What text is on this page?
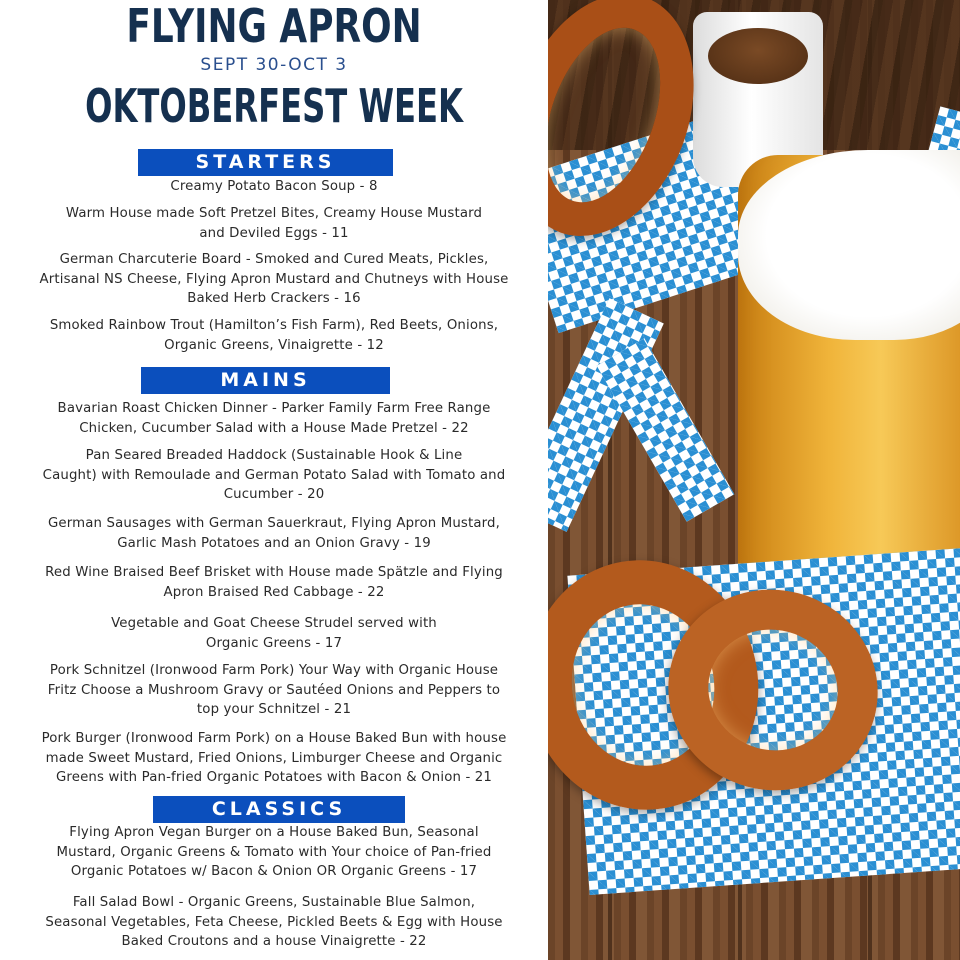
FLYING APRON
SEPT 30-OCT 3
OKTOBERFEST WEEK
STARTERS
Creamy Potato Bacon Soup - 8
Warm House made Soft Pretzel Bites, Creamy House Mustard
and Deviled Eggs - 11
German Charcuterie Board - Smoked and Cured Meats, Pickles,
Artisanal NS Cheese, Flying Apron Mustard and Chutneys with House
Baked Herb Crackers - 16
Smoked Rainbow Trout (Hamilton’s Fish Farm), Red Beets, Onions,
Organic Greens, Vinaigrette - 12
MAINS
Bavarian Roast Chicken Dinner - Parker Family Farm Free Range
Chicken, Cucumber Salad with a House Made Pretzel - 22
Pan Seared Breaded Haddock (Sustainable Hook & Line
Caught) with Remoulade and German Potato Salad with Tomato and
Cucumber - 20
German Sausages with German Sauerkraut, Flying Apron Mustard,
Garlic Mash Potatoes and an Onion Gravy - 19
Red Wine Braised Beef Brisket with House made Spätzle and Flying
Apron Braised Red Cabbage - 22
Vegetable and Goat Cheese Strudel served with
Organic Greens - 17
Pork Schnitzel (Ironwood Farm Pork) Your Way with Organic House
Fritz Choose a Mushroom Gravy or Sautéed Onions and Peppers to
top your Schnitzel - 21
Pork Burger (Ironwood Farm Pork) on a House Baked Bun with house
made Sweet Mustard, Fried Onions, Limburger Cheese and Organic
Greens with Pan-fried Organic Potatoes with Bacon & Onion - 21
CLASSICS
Flying Apron Vegan Burger on a House Baked Bun, Seasonal
Mustard, Organic Greens & Tomato with Your choice of Pan-fried
Organic Potatoes w/ Bacon & Onion OR Organic Greens - 17
Fall Salad Bowl - Organic Greens, Sustainable Blue Salmon,
Seasonal Vegetables, Feta Cheese, Pickled Beets & Egg with House
Baked Croutons and a house Vinaigrette - 22
